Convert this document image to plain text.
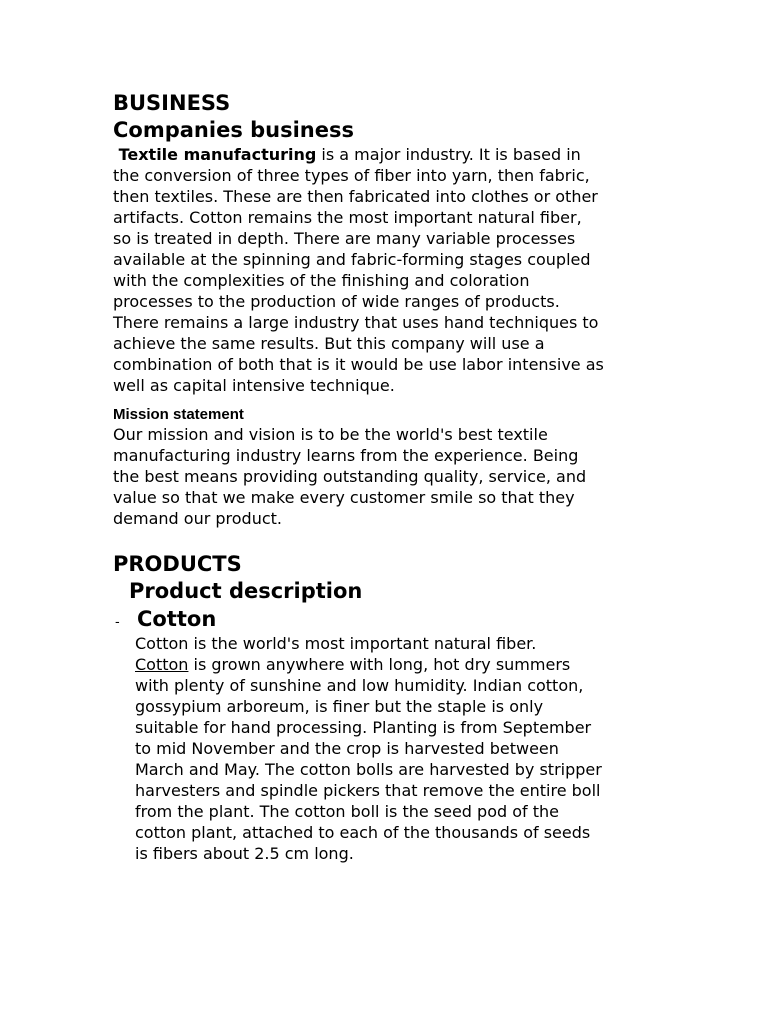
BUSINESS
Companies business

Textile manufacturing is a major industry. It is based in
the conversion of three types of fiber into yarn, then fabric,
then textiles. These are then fabricated into clothes or other
artifacts. Cotton remains the most important natural fiber,
so is treated in depth. There are many variable processes
available at the spinning and fabric-forming stages coupled
with the complexities of the finishing and coloration
processes to the production of wide ranges of products.
There remains a large industry that uses hand techniques to
achieve the same results. But this company will use a
combination of both that is it would be use labor intensive as
well as capital intensive technique.

Mission statement

Our mission and vision is to be the world's best textile
manufacturing industry learns from the experience. Being
the best means providing outstanding quality, service, and
value so that we make every customer smile so that they
demand our product.

PRODUCTS
Product description
- Cotton

Cotton is the world's most important natural fiber.

Cotton is grown anywhere with long, hot dry summers
with plenty of sunshine and low humidity. Indian cotton,
gossypium arboreum, is finer but the staple is only
suitable for hand processing. Planting is from September
to mid November and the crop is harvested between
March and May. The cotton bolls are harvested by stripper
harvesters and spindle pickers that remove the entire boll
from the plant. The cotton boll is the seed pod of the
cotton plant, attached to each of the thousands of seeds
is fibers about 2.5 cm long.
